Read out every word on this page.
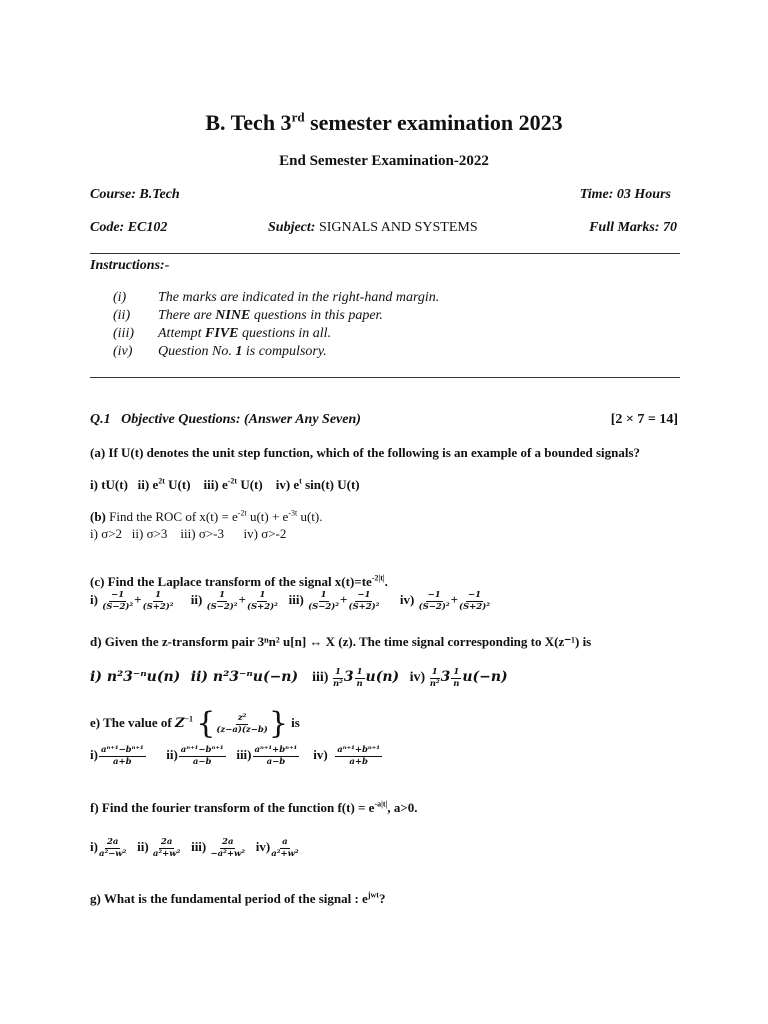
B. Tech 3rd semester examination 2023
End Semester Examination-2022
Course: B.Tech	Time: 03 Hours
Code: EC102	Subject: SIGNALS AND SYSTEMS	Full Marks: 70
Instructions:-
(i) The marks are indicated in the right-hand margin.
(ii) There are NINE questions in this paper.
(iii) Attempt FIVE questions in all.
(iv) Question No. 1 is compulsory.
Q.1   Objective Questions: (Answer Any Seven)	[2 × 7 = 14]
(a) If U(t) denotes the unit step function, which of the following is an example of a bounded signals?
i) tU(t) ii) $e^{2t}$ U(t) iii) $e^{-2t}$ U(t) iv) $e^t$ sin(t) U(t)
(b) Find the ROC of $x(t) = e^{-2t}$ $u(t) + e^{-3t}$ u(t).
i) σ>2   ii) σ>3    iii) σ>-3      iv) σ>-2
(c) Find the Laplace transform of the signal $x(t)=te^{-2|t|}$.
$i) \frac{-1}{\text{(S−2)²}} + \frac{1}{\text{(S+2)²}} ii) \frac{1}{\text{(S−2)²}} + \frac{1}{\text{(S+2)²}} iii) \frac{1}{\text{(S−2)²}} + \frac{-1}{\text{(S+2)²}} iv) \frac{-1}{\text{(S−2)²}} + \frac{-1}{\text{(S+2)²}}$
d) Given the z-transform pair 3ⁿn² u[n] ↔ X (z). The time signal corresponding to X(z⁻¹) is
i) n²3⁻ⁿu(n) ii) n²3⁻ⁿu(−n) $iii) \frac{1}{\text{n²}} 3 \frac{1}{n} u(n)$ $iv) \frac{1}{\text{n²}} 3 \frac{1}{n} u(-n)$
e) The value of $Z^{-1}$ { $\frac{\text{z²}}{(z-a)(z-b)}$ } is
$i) \frac{\text{aⁿ⁺¹−bⁿ⁺¹}}{a+b} ii) \frac{\text{aⁿ⁺¹−bⁿ⁺¹}}{a-b} iii) \frac{\text{aⁿ⁺¹+bⁿ⁺¹}}{a-b} iv) \frac{\text{aⁿ⁺¹+bⁿ⁺¹}}{a+b}$
f) Find the fourier transform of the function $f(t) = e^{-a|t|}$, a>0.
$i) \frac{2a}{\text{a²−w²}} ii) \frac{2a}{\text{a²+w²}} iii) \frac{2a}{\text{−a²+w²}} iv) \frac{a}{\text{a²+w²}}$
g) What is the fundamental period of the signal : $e^{jwt}$?
